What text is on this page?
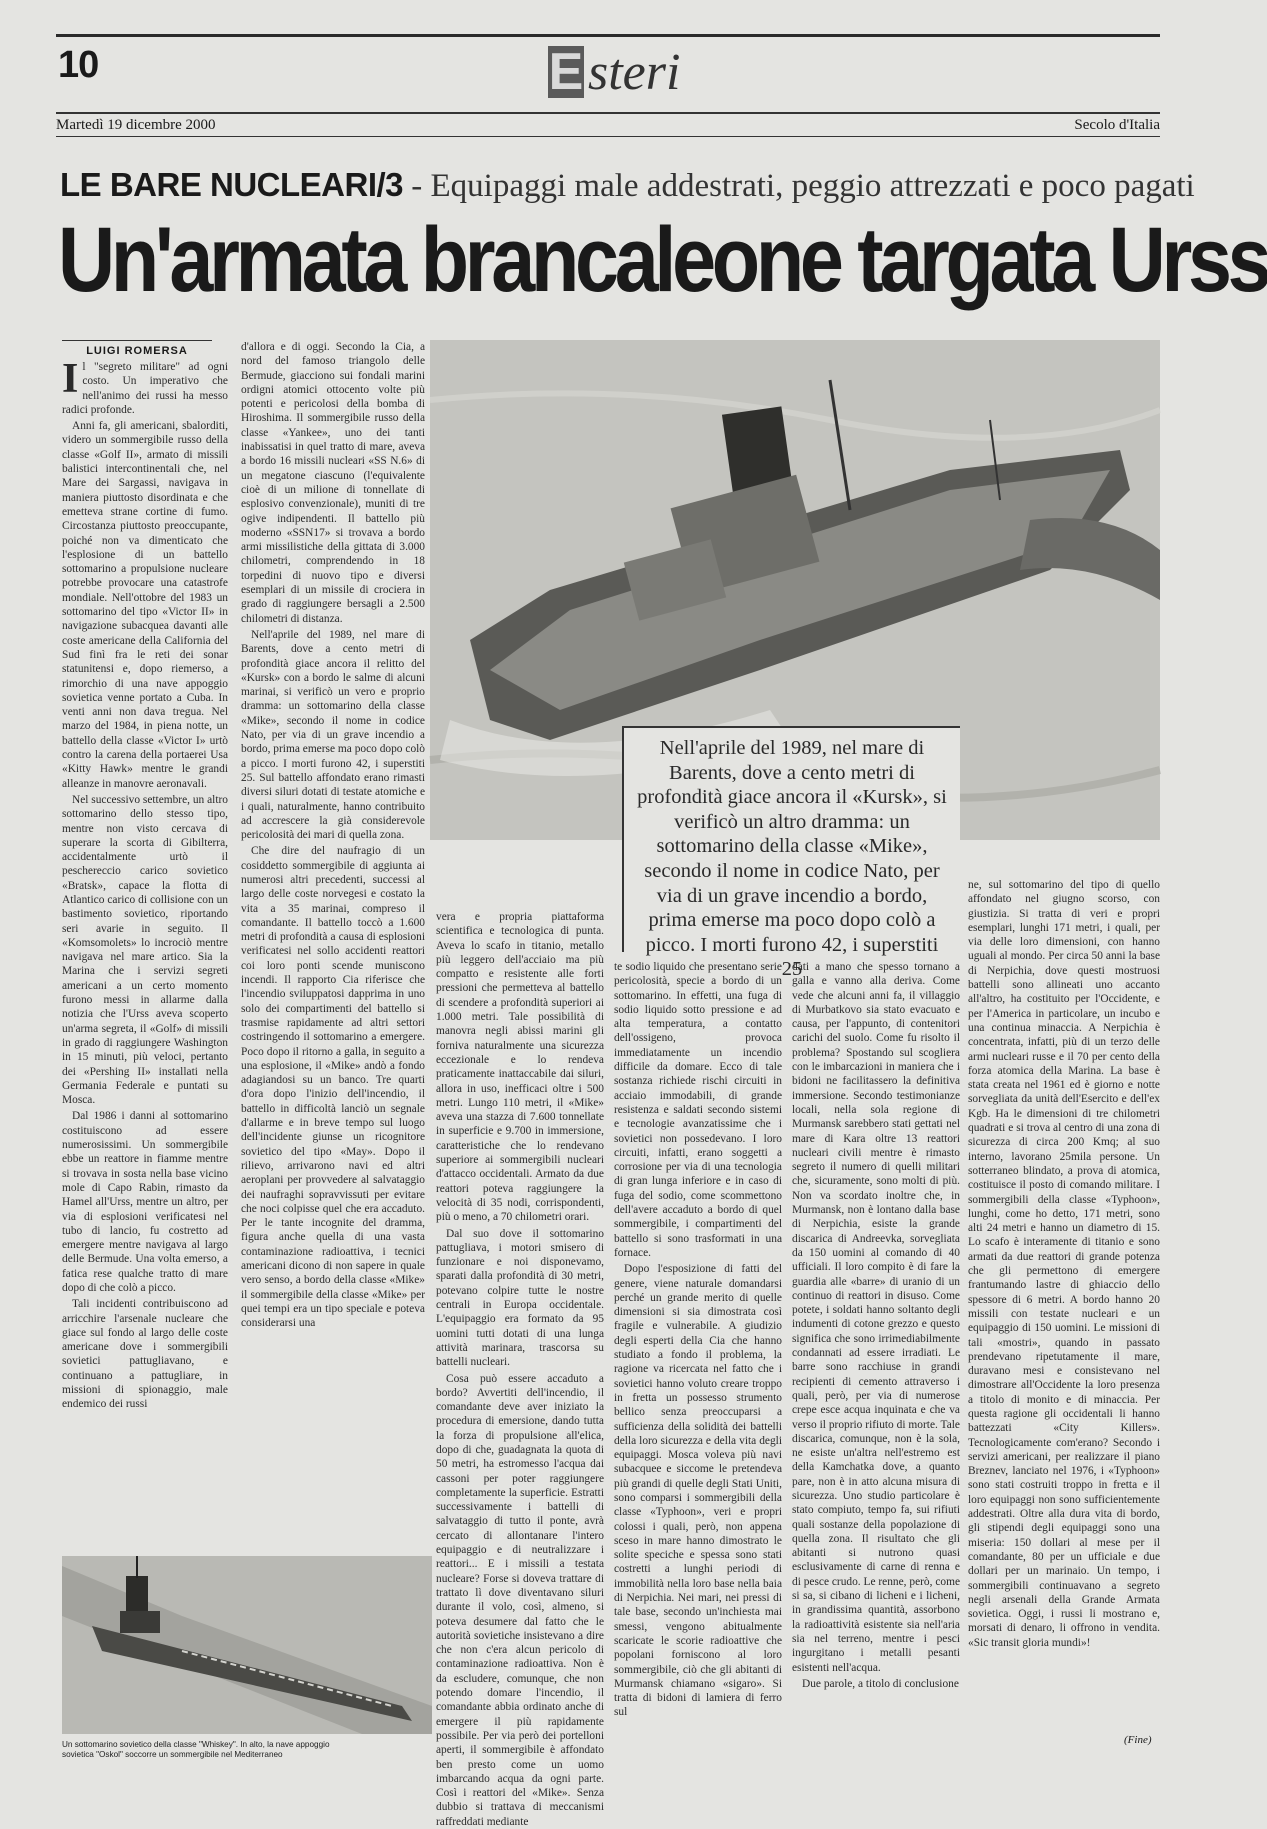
10	Esteri
Martedì 19 dicembre 2000	Secolo d'Italia
LE BARE NUCLEARI/3 - Equipaggi male addestrati, peggio attrezzati e poco pagati
Un'armata brancaleone targata Urss
LUIGI ROMERSA
I l "segreto militare" ad ogni costo. Un imperativo che nell'animo dei russi ha messo radici profonde.

Anni fa, gli americani, sbalorditi, videro un sommergibile russo della classe «Golf II», armato di missili balistici intercontinentali che, nel Mare dei Sargassi, navigava in maniera piuttosto disordinata e che emetteva strane cortine di fumo. Circostanza piuttosto preoccupante, poiché non va dimenticato che l'esplosione di un battello sottomarino a propulsione nucleare potrebbe provocare una catastrofe mondiale. Nell'ottobre del 1983 un sottomarino del tipo «Victor II» in navigazione subacquea davanti alle coste americane della California del Sud finì fra le reti dei sonar statunitensi e, dopo riemerso, a rimorchio di una nave appoggio sovietica venne portato a Cuba. In venti anni non dava tregua. Nel marzo del 1984, in piena notte, un battello della classe «Victor I» urtò contro la carena della portaerei Usa «Kitty Hawk» mentre le grandi alleanze in manovre aeronavali.

Nel successivo settembre, un altro sottomarino dello stesso tipo, mentre non visto cercava di superare la scorta di Gibilterra, accidentalmente urtò il peschereccio carico sovietico «Bratsk», capace la flotta di Atlantico carico di collisione con un bastimento sovietico, riportando seri avarie in seguito. Il «Komsomolets» lo incrociò mentre navigava nel mare artico. Sia la Marina che i servizi segreti americani a un certo momento furono messi in allarme dalla notizia che l'Urss aveva scoperto un'arma segreta, il «Golf» di missili in grado di raggiungere Washington in 15 minuti, più veloci, pertanto dei «Pershing II» installati nella Germania Federale e puntati su Mosca.

Dal 1986 i danni al sottomarino costituiscono ad essere numerosissimi. Un sommergibile ebbe un reattore in fiamme mentre si trovava in sosta nella base vicino mole di Capo Rabin, rimasto da Hamel all'Urss, mentre un altro, per via di esplosioni verificatesi nel tubo di lancio, fu costretto ad emergere mentre navigava al largo delle Bermude. Una volta emerso, a fatica rese qualche tratto di mare dopo di che colò a picco.

Tali incidenti contribuiscono ad arricchire l'arsenale nucleare che giace sul fondo al largo delle coste americane dove i sommergibili sovietici pattugliavano, e continuano a pattugliare, in missioni di spionaggio, male endemico dei russi

d'allora e di oggi. Secondo la Cia, a nord del famoso triangolo delle Bermude, giacciono sui fondali marini ordigni atomici ottocento volte più potenti e pericolosi della bomba di Hiroshima. Il sommergibile russo della classe «Yankee», uno dei tanti inabissatisi in quel tratto di mare, aveva a bordo 16 missili nucleari «SS N.6» di un megatone ciascuno (l'equivalente cioè di un milione di tonnellate di esplosivo convenzionale), muniti di tre ogive indipendenti. Il battello più moderno «SSN17» si trovava a bordo armi missilistiche della gittata di 3.000 chilometri, comprendendo in 18 torpedini di nuovo tipo e diversi esemplari di un missile di crociera in grado di raggiungere bersagli a 2.500 chilometri di distanza.

Nell'aprile del 1989, nel mare di Barents, dove a cento metri di profondità giace ancora il relitto del «Kursk» con a bordo le salme di alcuni marinai, si verificò un vero e proprio dramma: un sottomarino della classe «Mike», secondo il nome in codice Nato, per via di un grave incendio a bordo, prima emerse ma poco dopo colò a picco. I morti furono 42, i superstiti 25. Sul battello affondato erano rimasti diversi siluri dotati di testate atomiche e i quali, naturalmente, hanno contribuito ad accrescere la già considerevole pericolosità dei mari di quella zona.

Che dire del naufragio di un cosiddetto sommergibile di aggiunta ai numerosi altri precedenti, successi al largo delle coste norvegesi e costato la vita a 35 marinai, compreso il comandante. Il battello toccò a 1.600 metri di profondità a causa di esplosioni verificatesi nel sollo accidenti reattori coi loro ponti scende muniscono incendi. Il rapporto Cia riferisce che l'incendio sviluppatosi dapprima in uno solo dei compartimenti del battello si trasmise rapidamente ad altri settori costringendo il sottomarino a emergere. Poco dopo il ritorno a galla, in seguito a una esplosione, il «Mike» andò a fondo adagiandosi su un banco. Tre quarti d'ora dopo l'inizio dell'incendio, il battello in difficoltà lanciò un segnale d'allarme e in breve tempo sul luogo dell'incidente giunse un ricognitore sovietico del tipo «May». Dopo il rilievo, arrivarono navi ed altri aeroplani per provvedere al salvataggio dei naufraghi sopravvissuti per evitare che noci colpisse quel che era accaduto. Per le tante incognite del dramma, figura anche quella di una vasta contaminazione radioattiva, i tecnici americani dicono di non sapere in quale vero senso, a bordo della classe «Mike» il sommergibile della classe «Mike» per quei tempi era un tipo speciale e poteva considerarsi una

Nell'aprile del 1989, nel mare di Barents, dove a cento metri di profondità giace ancora il «Kursk», si verificò un altro dramma: un sottomarino della classe «Mike», secondo il nome in codice Nato, per via di un grave incendio a bordo, prima emerse ma poco dopo colò a picco. I morti furono 42, i superstiti 25

vera e propria piattaforma scientifica e tecnologica di punta. Aveva lo scafo in titanio, metallo più leggero dell'acciaio ma più compatto e resistente alle forti pressioni che permetteva al battello di scendere a profondità superiori ai 1.000 metri. Tale possibilità di manovra negli abissi marini gli forniva naturalmente una sicurezza eccezionale e lo rendeva praticamente inattaccabile dai siluri, allora in uso, inefficaci oltre i 500 metri. Lungo 110 metri, il «Mike» aveva una stazza di 7.600 tonnellate in superficie e 9.700 in immersione, caratteristiche che lo rendevano superiore ai sommergibili nucleari d'attacco occidentali. Armato da due reattori poteva raggiungere la velocità di 35 nodi, corrispondenti, più o meno, a 70 chilometri orari.

Dal suo dove il sottomarino pattugliava, i motori smisero di funzionare e noi disponevamo, sparati dalla profondità di 30 metri, potevano colpire tutte le nostre centrali in Europa occidentale. L'equipaggio era formato da 95 uomini tutti dotati di una lunga attività marinara, trascorsa su battelli nucleari.

Cosa può essere accaduto a bordo? Avvertiti dell'incendio, il comandante deve aver iniziato la procedura di emersione, dando tutta la forza di propulsione all'elica, dopo di che, guadagnata la quota di 50 metri, ha estromesso l'acqua dai cassoni per poter raggiungere completamente la superficie. Estratti successivamente i battelli di salvataggio di tutto il ponte, avrà cercato di allontanare l'intero equipaggio e di neutralizzare i reattori... E i missili a testata nucleare? Forse si doveva trattare di trattato lì dove diventavano siluri durante il volo, così, almeno, si poteva desumere dal fatto che le autorità sovietiche insistevano a dire che non c'era alcun pericolo di contaminazione radioattiva. Non è da escludere, comunque, che non potendo domare l'incendio, il comandante abbia ordinato anche di emergere il più rapidamente possibile. Per via però dei portelloni aperti, il sommergibile è affondato ben presto come un uomo imbarcando acqua da ogni parte. Così i reattori del «Mike». Senza dubbio si trattava di meccanismi raffreddati mediante

te sodio liquido che presentano serie pericolosità, specie a bordo di un sottomarino. In effetti, una fuga di sodio liquido sotto pressione e ad alta temperatura, a contatto dell'ossigeno, provoca immediatamente un incendio difficile da domare. Ecco di tale sostanza richiede rischi circuiti in acciaio immodabili, di grande resistenza e saldati secondo sistemi e tecnologie avanzatissime che i sovietici non possedevano. I loro circuiti, infatti, erano soggetti a corrosione per via di una tecnologia di gran lunga inferiore e in caso di fuga del sodio, come scommettono dell'avere accaduto a bordo di quel sommergibile, i compartimenti del battello si sono trasformati in una fornace.

Dopo l'esposizione di fatti del genere, viene naturale domandarsi perché un grande merito di quelle dimensioni si sia dimostrata così fragile e vulnerabile. A giudizio degli esperti della Cia che hanno studiato a fondo il problema, la ragione va ricercata nel fatto che i sovietici hanno voluto creare troppo in fretta un possesso strumento bellico senza preoccuparsi a sufficienza della solidità dei battelli della loro sicurezza e della vita degli equipaggi. Mosca voleva più navi subacquee e siccome le pretendeva più grandi di quelle degli Stati Uniti, sono comparsi i sommergibili della classe «Typhoon», veri e propri colossi i quali, però, non appena sceso in mare hanno dimostrato le solite speciche e spessa sono stati costretti a lunghi periodi di immobilità nella loro base nella baia di Nerpichia. Nei mari, nei pressi di tale base, secondo un'inchiesta mai smessi, vengono abitualmente scaricate le scorie radioattive che popolani forniscono al loro sommergibile, ciò che gli abitanti di Murmansk chiamano «sigaro». Si tratta di bidoni di lamiera di ferro sul

dati a mano che spesso tornano a galla e vanno alla deriva. Come vede che alcuni anni fa, il villaggio di Murbatkovo sia stato evacuato e causa, per l'appunto, di contenitori carichi del suolo. Come fu risolto il problema? Spostando sul scogliera con le imbarcazioni in maniera che i bidoni ne facilitassero la definitiva immersione. Secondo testimonianze locali, nella sola regione di Murmansk sarebbero stati gettati nel mare di Kara oltre 13 reattori nucleari civili mentre è rimasto segreto il numero di quelli militari che, sicuramente, sono molti di più. Non va scordato inoltre che, in Murmansk, non è lontano dalla base di Nerpichia, esiste la grande discarica di Andreevka, sorvegliata da 150 uomini al comando di 40 ufficiali. Il loro compito è di fare la guardia alle «barre» di uranio di un continuo di reattori in disuso. Come potete, i soldati hanno soltanto degli indumenti di cotone grezzo e questo significa che sono irrimediabilmente condannati ad essere irradiati. Le barre sono racchiuse in grandi recipienti di cemento attraverso i quali, però, per via di numerose crepe esce acqua inquinata e che va verso il proprio rifiuto di morte. Tale discarica, comunque, non è la sola, ne esiste un'altra nell'estremo est della Kamchatka dove, a quanto pare, non è in atto alcuna misura di sicurezza. Uno studio particolare è stato compiuto, tempo fa, sui rifiuti quali sostanze della popolazione di quella zona. Il risultato che gli abitanti si nutrono quasi esclusivamente di carne di renna e di pesce crudo. Le renne, però, come si sa, si cibano di licheni e i licheni, in grandissima quantità, assorbono la radioattività esistente sia nell'aria sia nel terreno, mentre i pesci ingurgitano i metalli pesanti esistenti nell'acqua.

Due parole, a titolo di conclusione

ne, sul sottomarino del tipo di quello affondato nel giugno scorso, con giustizia. Si tratta di veri e propri esemplari, lunghi 171 metri, i quali, per via delle loro dimensioni, con hanno uguali al mondo. Per circa 50 anni la base di Nerpichia, dove questi mostruosi battelli sono allineati uno accanto all'altro, ha costituito per l'Occidente, e per l'America in particolare, un incubo e una continua minaccia. A Nerpichia è concentrata, infatti, più di un terzo delle armi nucleari russe e il 70 per cento della forza atomica della Marina. La base è stata creata nel 1961 ed è giorno e notte sorvegliata da unità dell'Esercito e dell'ex Kgb. Ha le dimensioni di tre chilometri quadrati e si trova al centro di una zona di sicurezza di circa 200 Kmq; al suo interno, lavorano 25mila persone. Un sotterraneo blindato, a prova di atomica, costituisce il posto di comando militare. I sommergibili della classe «Typhoon», lunghi, come ho detto, 171 metri, sono alti 24 metri e hanno un diametro di 15. Lo scafo è interamente di titanio e sono armati da due reattori di grande potenza che gli permettono di emergere frantumando lastre di ghiaccio dello spessore di 6 metri. A bordo hanno 20 missili con testate nucleari e un equipaggio di 150 uomini. Le missioni di tali «mostri», quando in passato prendevano ripetutamente il mare, duravano mesi e consistevano nel dimostrare all'Occidente la loro presenza a titolo di monito e di minaccia. Per questa ragione gli occidentali li hanno battezzati «City Killers». Tecnologicamente com'erano? Secondo i servizi americani, per realizzare il piano Breznev, lanciato nel 1976, i «Typhoon» sono stati costruiti troppo in fretta e il loro equipaggi non sono sufficientemente addestrati. Oltre alla dura vita di bordo, gli stipendi degli equipaggi sono una miseria: 150 dollari al mese per il comandante, 80 per un ufficiale e due dollari per un marinaio. Un tempo, i sommergibili continuavano a segreto negli arsenali della Grande Armata sovietica. Oggi, i russi li mostrano e, morsati di denaro, li offrono in vendita. «Sic transit gloria mundi»!

Un sottomarino sovietico della classe "Whiskey". In alto, la nave appoggio
sovietica "Oskol" soccorre un sommergibile nel Mediterraneo
(Fine)
